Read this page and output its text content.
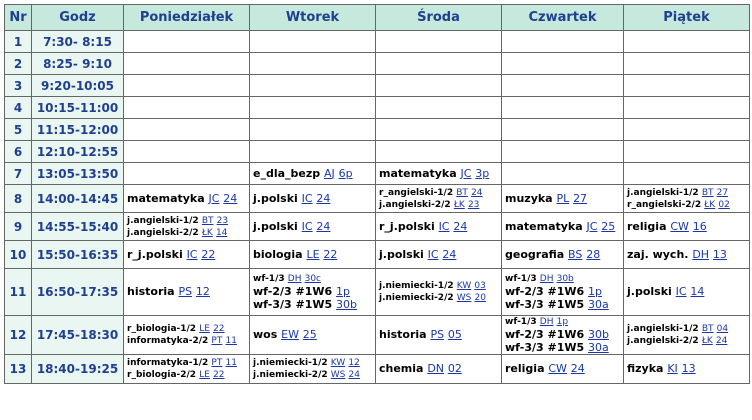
Nr	Godz	Poniedziałek	Wtorek	Środa	Czwartek	Piątek
1	7:30- 8:15					
2	8:25- 9:10					
3	9:20-10:05					
4	10:15-11:00					
5	11:15-12:00					
6	12:10-12:55					
7	13:05-13:50		e_dla_bezp AJ 6p	matematyka JC 3p		

8	14:00-14:45	matematyka JC 24	j.polski IC 24	r_angielski-1/2 BT 24
j.angielski-2/2 ŁK 23	muzyka PL 27	j.angielski-1/2 BT 27
r_angielski-2/2 ŁK 02

9	14:55-15:40	j.angielski-1/2 BT 23
j.angielski-2/2 ŁK 14	j.polski IC 24	r_j.polski IC 24	matematyka JC 25	religia CW 16

10	15:50-16:35	r_j.polski IC 22	biologia LE 22	j.polski IC 24	geografia BS 28	zaj. wych. DH 13

11	16:50-17:35	historia PS 12	wf-1/3 DH 30c
wf-2/3 #1W6 1p
wf-3/3 #1W5 30b	j.niemiecki-1/2 KW 03
j.niemiecki-2/2 WS 20	wf-1/3 DH 30b
wf-2/3 #1W6 1p
wf-3/3 #1W5 30a	j.polski IC 14

12	17:45-18:30	r_biologia-1/2 LE 22
informatyka-2/2 PT 11	wos EW 25	historia PS 05	wf-1/3 DH 1p
wf-2/3 #1W6 30b
wf-3/3 #1W5 30a	j.angielski-1/2 BT 04
j.angielski-2/2 ŁK 24

13	18:40-19:25	informatyka-1/2 PT 11
r_biologia-2/2 LE 22	j.niemiecki-1/2 KW 12
j.niemiecki-2/2 WS 24	chemia DN 02	religia CW 24	fizyka KI 13
